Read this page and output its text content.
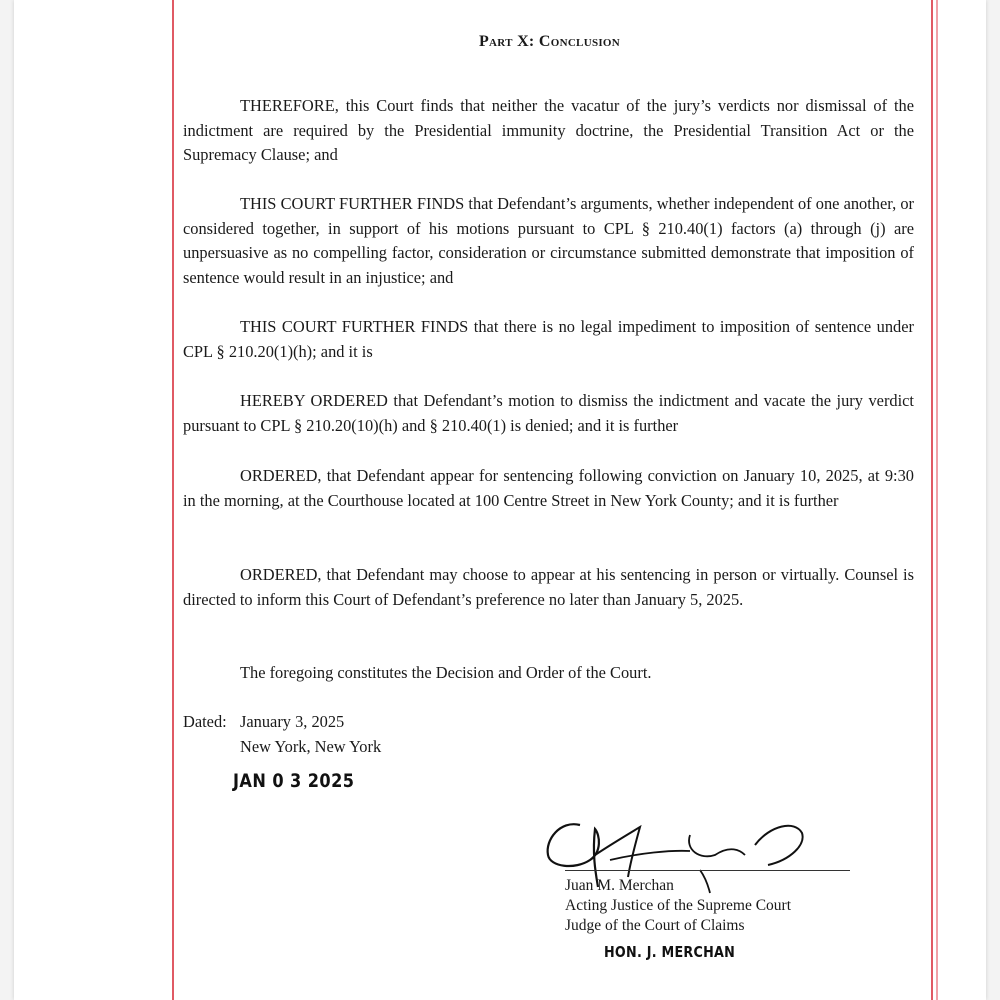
Part X: Conclusion

THEREFORE, this Court finds that neither the vacatur of the jury’s verdicts nor dismissal of the indictment are required by the Presidential immunity doctrine, the Presidential Transition Act or the Supremacy Clause; and

THIS COURT FURTHER FINDS that Defendant’s arguments, whether independent of one another, or considered together, in support of his motions pursuant to CPL § 210.40(1) factors (a) through (j) are unpersuasive as no compelling factor, consideration or circumstance submitted demonstrate that imposition of sentence would result in an injustice; and

THIS COURT FURTHER FINDS that there is no legal impediment to imposition of sentence under CPL § 210.20(1)(h); and it is

HEREBY ORDERED that Defendant’s motion to dismiss the indictment and vacate the jury verdict pursuant to CPL § 210.20(10)(h) and § 210.40(1) is denied; and it is further

ORDERED, that Defendant appear for sentencing following conviction on January 10, 2025, at 9:30 in the morning, at the Courthouse located at 100 Centre Street in New York County; and it is further

ORDERED, that Defendant may choose to appear at his sentencing in person or virtually. Counsel is directed to inform this Court of Defendant’s preference no later than January 5, 2025.

The foregoing constitutes the Decision and Order of the Court.

Dated: January 3, 2025

New York, New York

JAN 0 3 2025
Juan M. Merchan
Acting Justice of the Supreme Court
Judge of the Court of Claims
HON. J. MERCHAN
